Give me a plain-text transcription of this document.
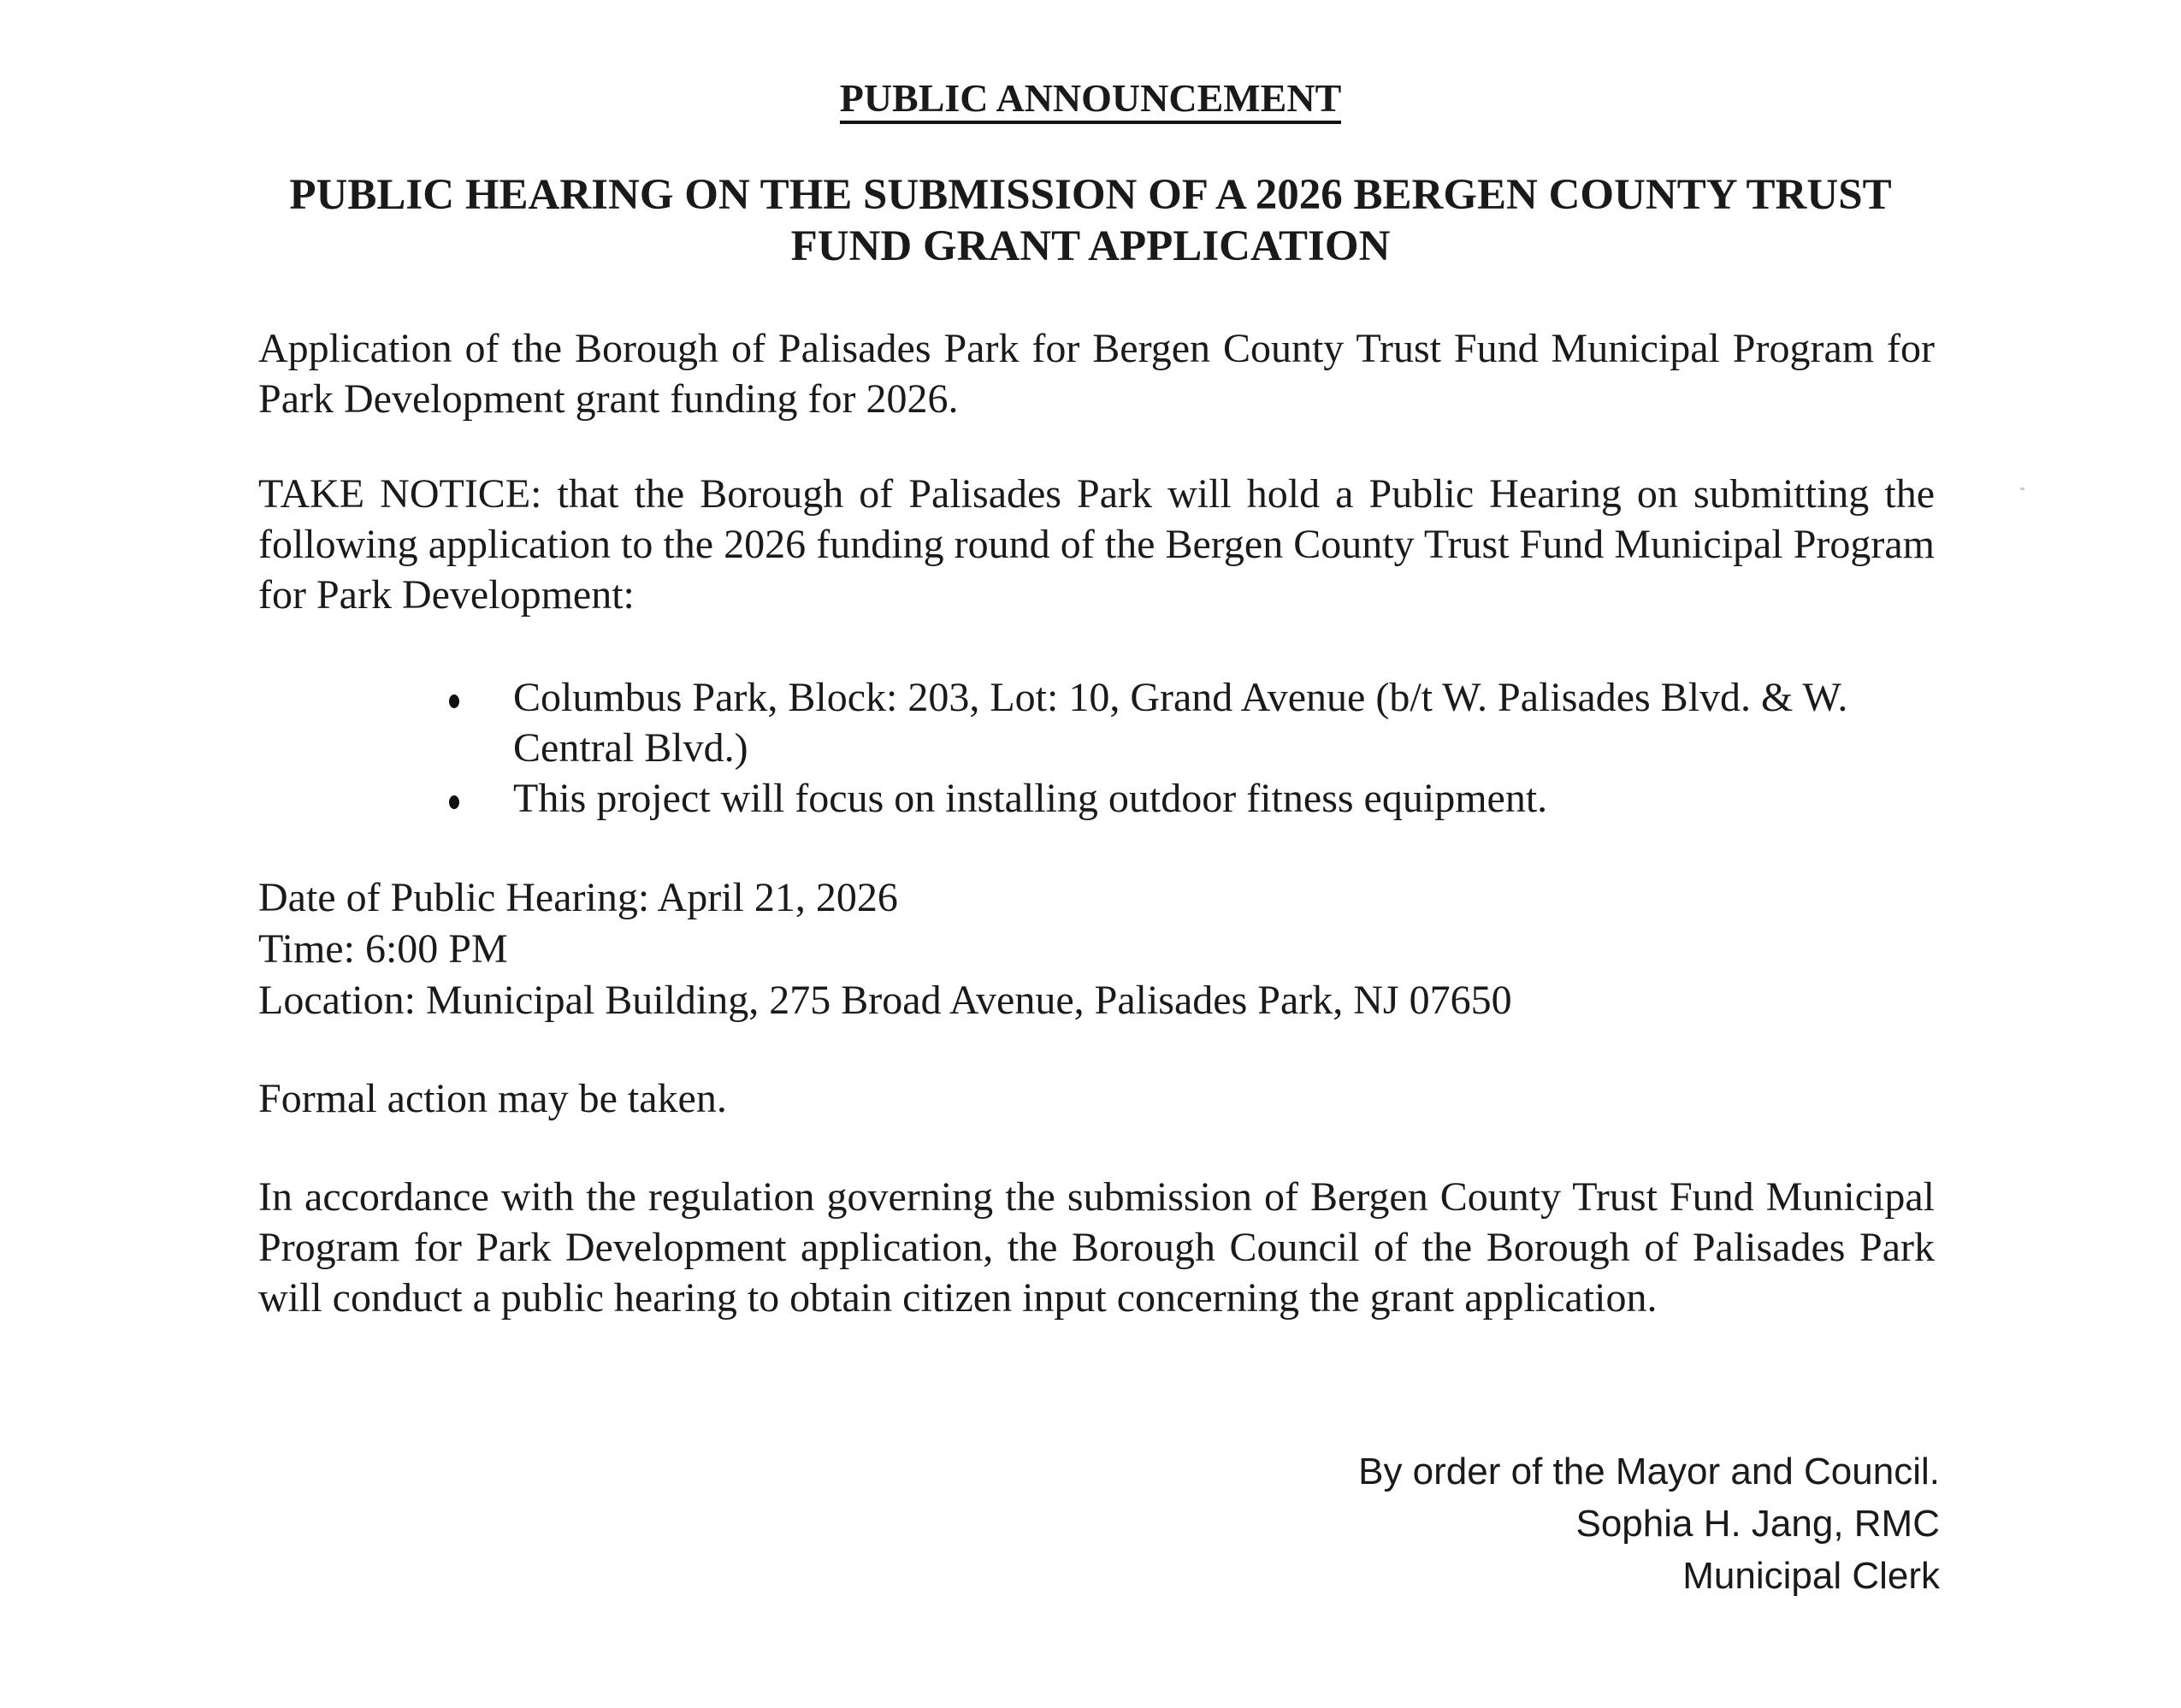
PUBLIC ANNOUNCEMENT
PUBLIC HEARING ON THE SUBMISSION OF A 2026 BERGEN COUNTY TRUST
FUND GRANT APPLICATION
Application of the Borough of Palisades Park for Bergen County Trust Fund Municipal Program for Park Development grant funding for 2026.
TAKE NOTICE: that the Borough of Palisades Park will hold a Public Hearing on submitting the following application to the 2026 funding round of the Bergen County Trust Fund Municipal Program for Park Development:
Columbus Park, Block: 203, Lot: 10, Grand Avenue (b/t W. Palisades Blvd. & W. Central Blvd.)
This project will focus on installing outdoor fitness equipment.
Date of Public Hearing: April 21, 2026
Time: 6:00 PM
Location: Municipal Building, 275 Broad Avenue, Palisades Park, NJ 07650
Formal action may be taken.
In accordance with the regulation governing the submission of Bergen County Trust Fund Municipal Program for Park Development application, the Borough Council of the Borough of Palisades Park will conduct a public hearing to obtain citizen input concerning the grant application.
By order of the Mayor and Council.
Sophia H. Jang, RMC
Municipal Clerk
